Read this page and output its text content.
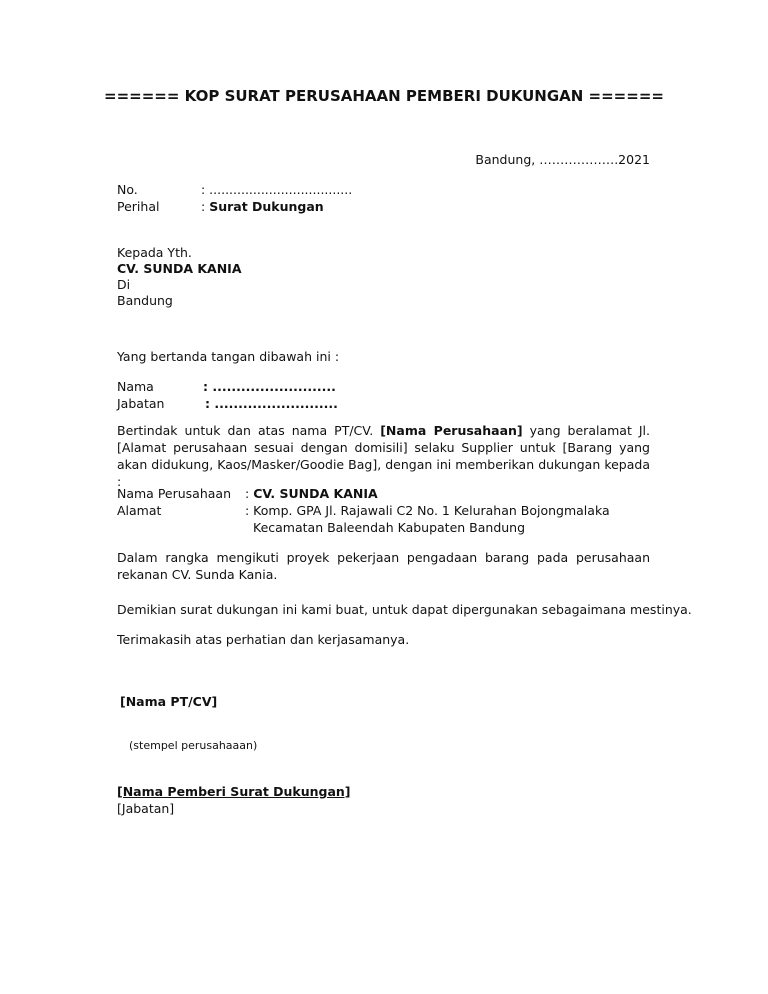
====== KOP SURAT PERUSAHAAN PEMBERI DUKUNGAN ======
Bandung, ……………….2021
No.	: ....................................
Perihal	: Surat Dukungan
Kepada Yth.
CV. SUNDA KANIA
Di
Bandung
Yang bertanda tangan dibawah ini :
Nama	: ..........................
Jabatan	: ..........................
Bertindak untuk dan atas nama PT/CV. [Nama Perusahaan] yang beralamat Jl. [Alamat perusahaan sesuai dengan domisili] selaku Supplier untuk [Barang yang akan didukung, Kaos/Masker/Goodie Bag], dengan ini memberikan dukungan kepada :
Nama Perusahaan : CV. SUNDA KANIA
Alamat	: Komp. GPA Jl. Rajawali C2 No. 1 Kelurahan Bojongmalaka
Kecamatan Baleendah Kabupaten Bandung
Dalam rangka mengikuti proyek pekerjaan pengadaan barang pada perusahaan rekanan CV. Sunda Kania.
Demikian surat dukungan ini kami buat, untuk dapat dipergunakan sebagaimana mestinya.
Terimakasih atas perhatian dan kerjasamanya.
[Nama PT/CV]
(stempel perusahaaan)
[Nama Pemberi Surat Dukungan]
[Jabatan]
